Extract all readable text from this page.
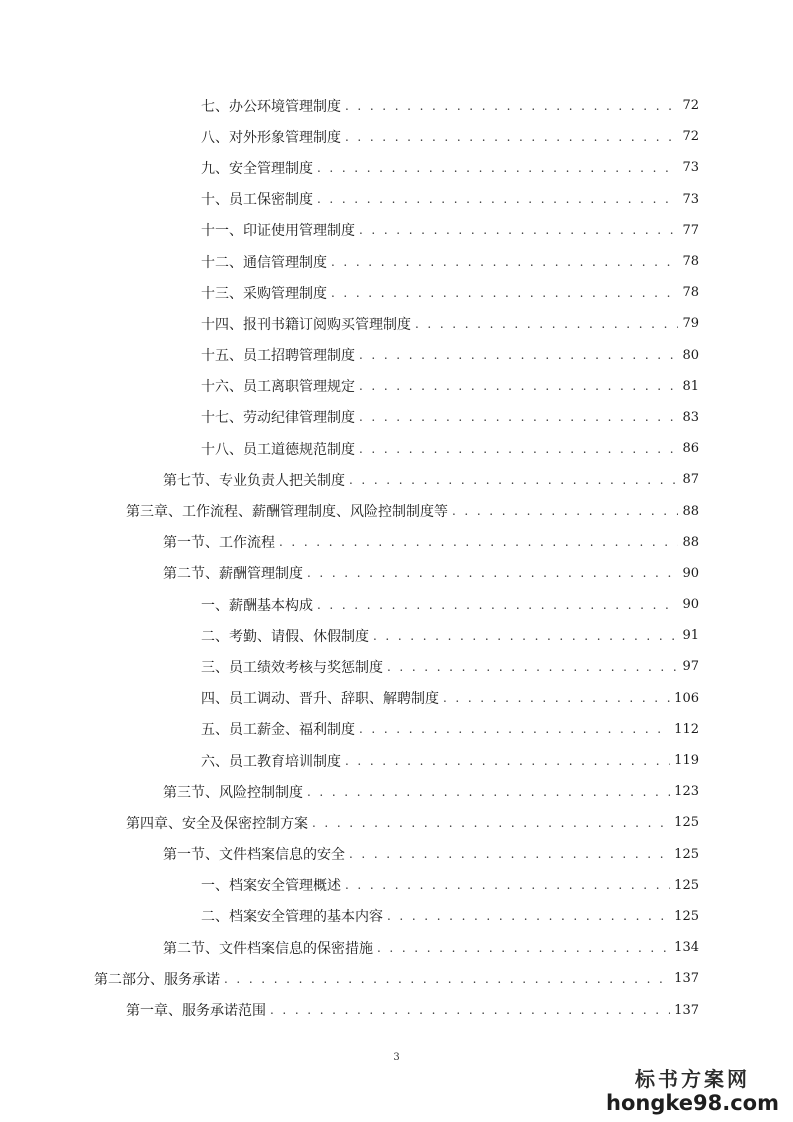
七、办公环境管理制度 . . .	72
八、对外形象管理制度 . . .	72
九、安全管理制度 . . .	73
十、员工保密制度 . . .	73
十一、印证使用管理制度 . . .	77
十二、通信管理制度 . . .	78
十三、采购管理制度 . . .	78
十四、报刊书籍订阅购买管理制度 . . .	79
十五、员工招聘管理制度 . . .	80
十六、员工离职管理规定 . . .	81
十七、劳动纪律管理制度 . . .	83
十八、员工道德规范制度 . . .	86
第七节、专业负责人把关制度 . . .	87
第三章、工作流程、薪酬管理制度、风险控制制度等 . . .	88
第一节、工作流程 . . .	88
第二节、薪酬管理制度 . . .	90
一、薪酬基本构成 . . .	90
二、考勤、请假、休假制度 . . .	91
三、员工绩效考核与奖惩制度 . . .	97
四、员工调动、晋升、辞职、解聘制度 . . .	106
五、员工薪金、福利制度 . . .	112
六、员工教育培训制度 . . .	119
第三节、风险控制制度 . . .	123
第四章、安全及保密控制方案 . . .	125
第一节、文件档案信息的安全 . . .	125
一、档案安全管理概述 . . .	125
二、档案安全管理的基本内容 . . .	125
第二节、文件档案信息的保密措施 . . .	134
第二部分、服务承诺 . . .	137
第一章、服务承诺范围 . . .	137
3
标书方案网
hongke98.com
